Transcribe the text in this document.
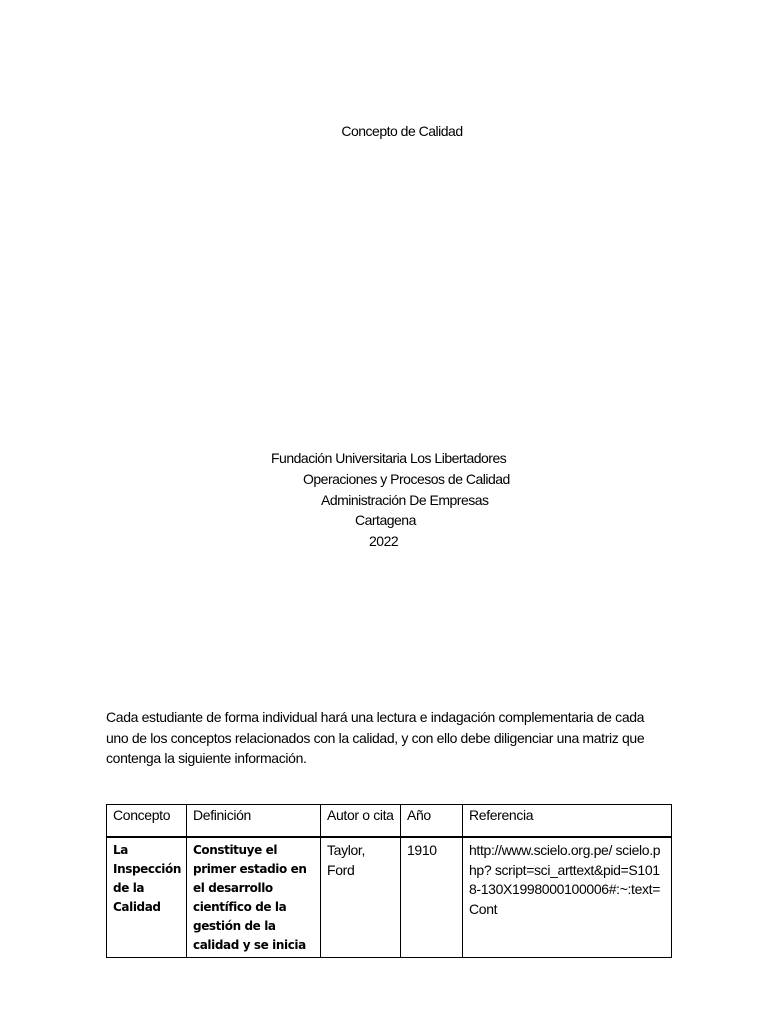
Concepto de Calidad
Fundación Universitaria Los Libertadores
Operaciones y Procesos de Calidad
Administración De Empresas
Cartagena
2022

Cada estudiante de forma individual hará una lectura e indagación complementaria de cada uno de los conceptos relacionados con la calidad, y con ello debe diligenciar una matriz que contenga la siguiente información.

Concepto	Definición	Autor o cita	Año	Referencia
La Inspección de la Calidad	Constituye el primer estadio en el desarrollo científico de la gestión de la calidad y se inicia	Taylor, Ford	1910	http://www.scielo.org.pe/ scielo.php? script=sci_arttext&pid=S1018-130X1998000100006#:~:text=Cont
